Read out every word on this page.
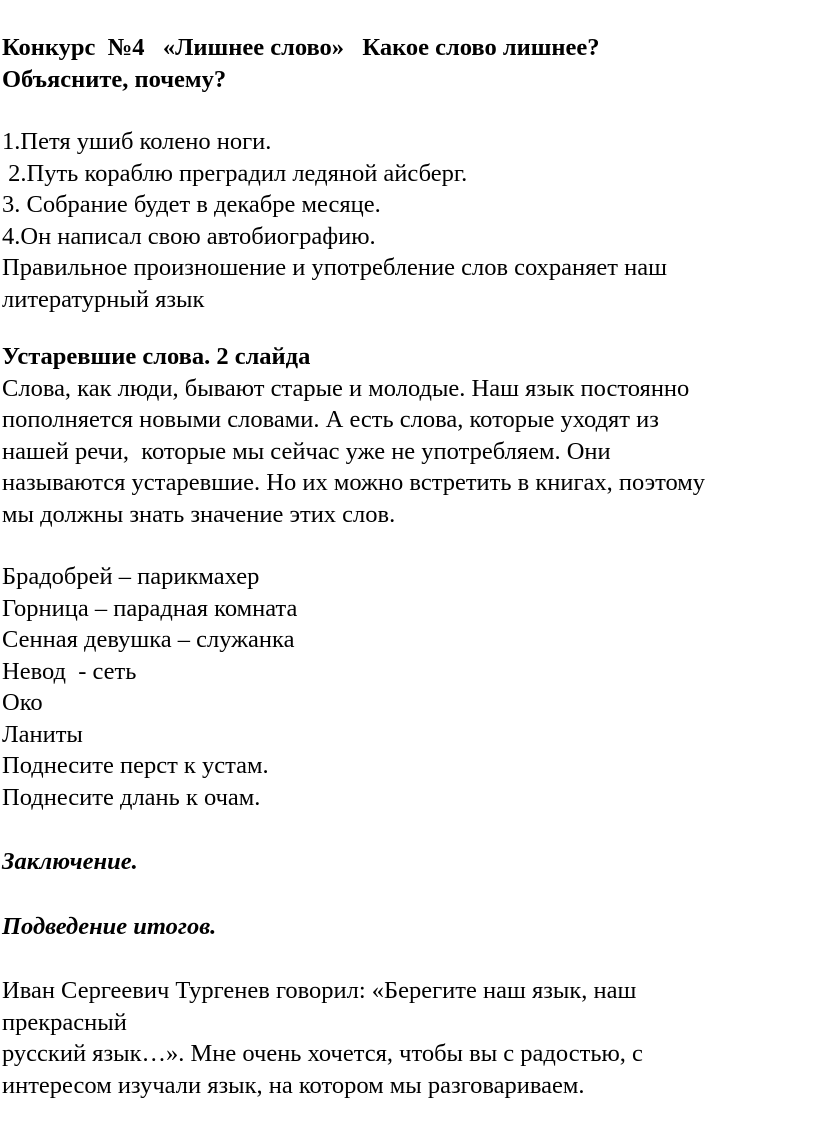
Конкурс  №4   «Лишнее слово»   Какое слово лишнее?
Объясните, почему?
1.Петя ушиб колено ноги.
2.Путь кораблю преградил ледяной айсберг.
3. Собрание будет в декабре месяце.
4.Он написал свою автобиографию.
Правильное произношение и употребление слов сохраняет наш
литературный язык
Устаревшие слова. 2 слайда
Слова, как люди, бывают старые и молодые. Наш язык постоянно
пополняется новыми словами. А есть слова, которые уходят из
нашей речи,  которые мы сейчас уже не употребляем. Они
называются устаревшие. Но их можно встретить в книгах, поэтому
мы должны знать значение этих слов.
Брадобрей – парикмахер
Горница – парадная комната
Сенная девушка – служанка
Невод  - сеть
Око
Ланиты
Поднесите перст к устам.
Поднесите длань к очам.
Заключение.
Подведение итогов.
Иван Сергеевич Тургенев говорил: «Берегите наш язык, наш
прекрасный
русский язык…». Мне очень хочется, чтобы вы с радостью, с
интересом изучали язык, на котором мы разговариваем.
